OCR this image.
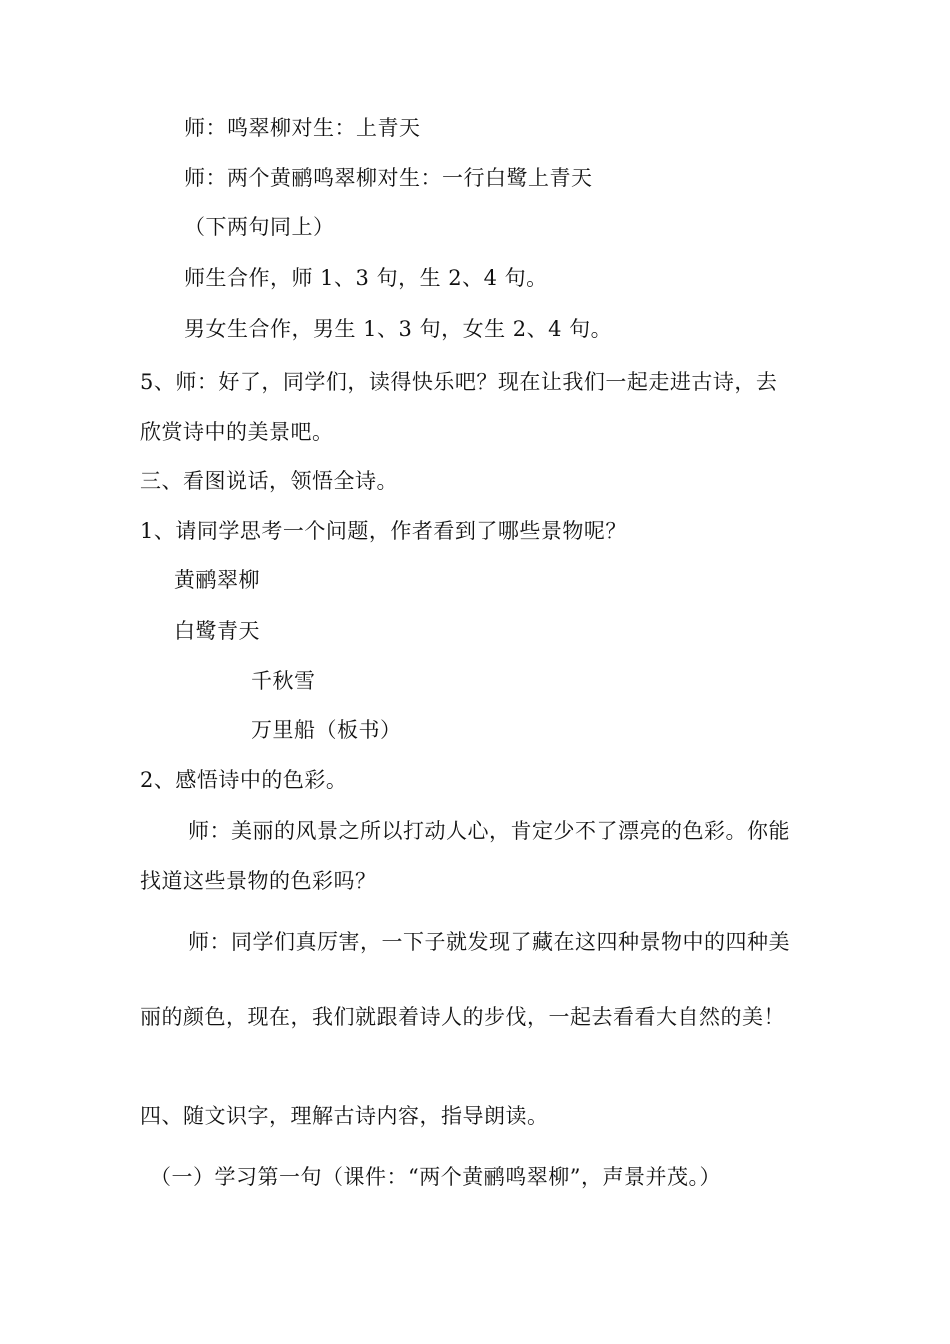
师：鸣翠柳对生：上青天
师：两个黄鹂鸣翠柳对生：一行白鹭上青天
（下两句同上）
师生合作，师 1、3 句，生 2、4 句。
男女生合作，男生 1、3 句，女生 2、4 句。
5、师：好了，同学们，读得快乐吧？现在让我们一起走进古诗，去
欣赏诗中的美景吧。
三、看图说话，领悟全诗。
1、请同学思考一个问题，作者看到了哪些景物呢？
黄鹂翠柳
白鹭青天
千秋雪
万里船（板书）
2、感悟诗中的色彩。
师：美丽的风景之所以打动人心，肯定少不了漂亮的色彩。你能
找道这些景物的色彩吗？
师：同学们真厉害，一下子就发现了藏在这四种景物中的四种美
丽的颜色，现在，我们就跟着诗人的步伐，一起去看看大自然的美！
四、随文识字，理解古诗内容，指导朗读。
（一）学习第一句（课件：“两个黄鹂鸣翠柳”，声景并茂。）
